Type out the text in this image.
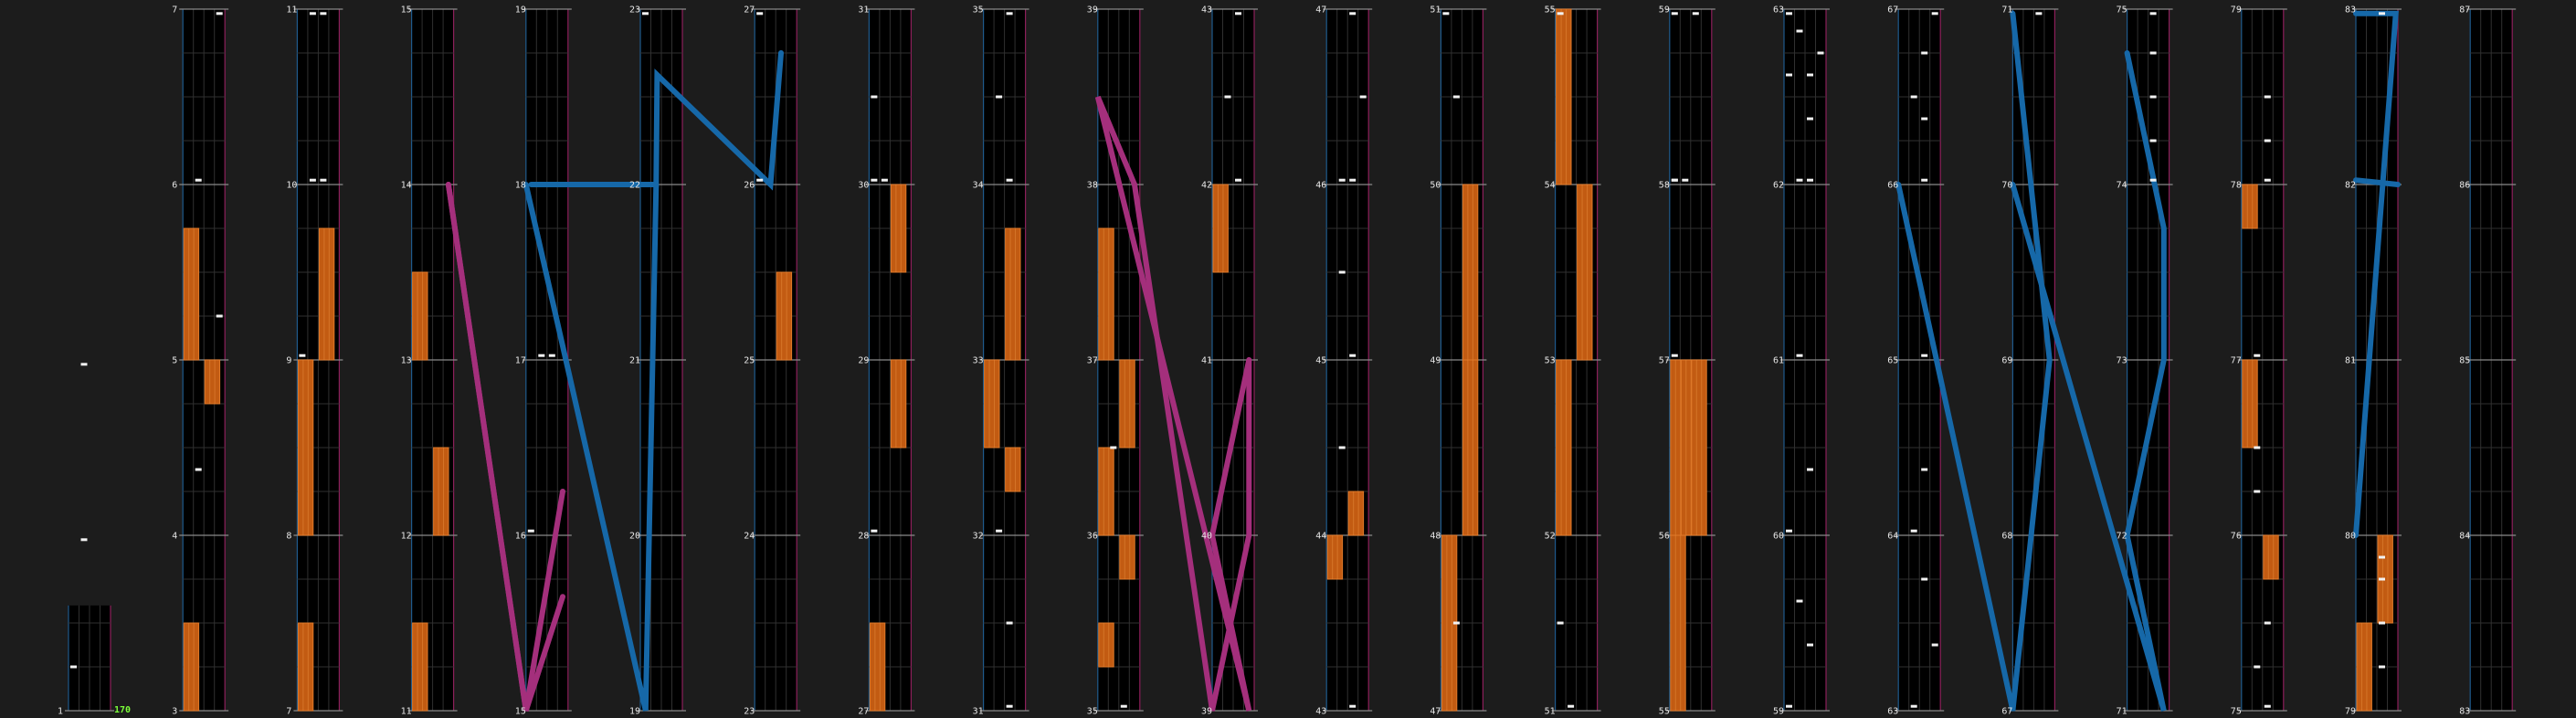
1	3
4
5
6
7
7
8
9
10
11
11
12
13
14
15
15
16
17
18
19
19
20
21
22
23
23
24
25
26
27
27
28
29
30
31
31
32
33
34
35
35
36
37
38
39
39
40
41
42
43
43
44
45
46
47
47
48
49
50
51
51
52
53
54
55
55
56
57
58
59
59
60
61
62
63
63
64
65
66
67
67
68
69
70
71
71
72
73
74
75
75
76
77
78
79
79
80
81
82
83
83
84
85
86
87
170
